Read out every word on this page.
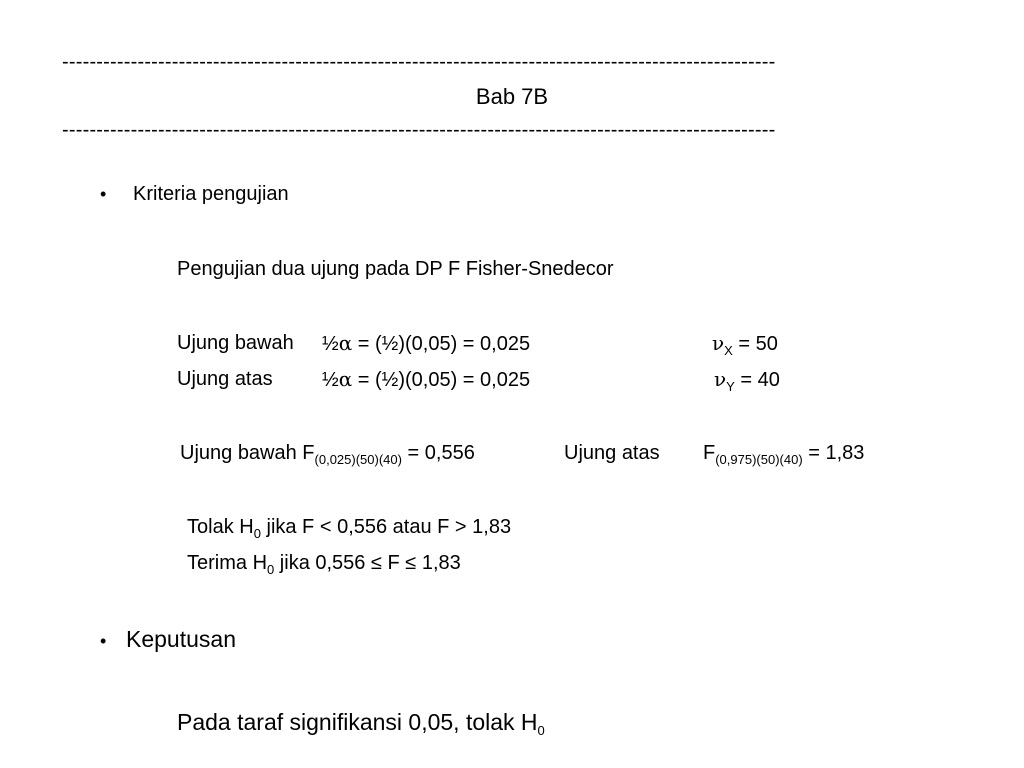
--------------------------------------------------------------------------------------------------------
Bab 7B
--------------------------------------------------------------------------------------------------------
• Kriteria pengujian
Pengujian dua ujung pada DP F Fisher-Snedecor
Ujung bawah ½α = (½)(0,05) = 0,025	$\nu_X = 50$
Ujung atas ½α = (½)(0,05) = 0,025	$\nu_Y = 40$
Ujung bawah $F_{(0,025)(50)(40)} = 0,556$	Ujung atas $F_{(0,975)(50)(40)} = 1,83$
Tolak $H_0$ jika F < 0,556 atau F > 1,83
Terima $H_0$ jika 0,556 ≤ F ≤ 1,83
• Keputusan
Pada taraf signifikansi 0,05, tolak $H_0$
